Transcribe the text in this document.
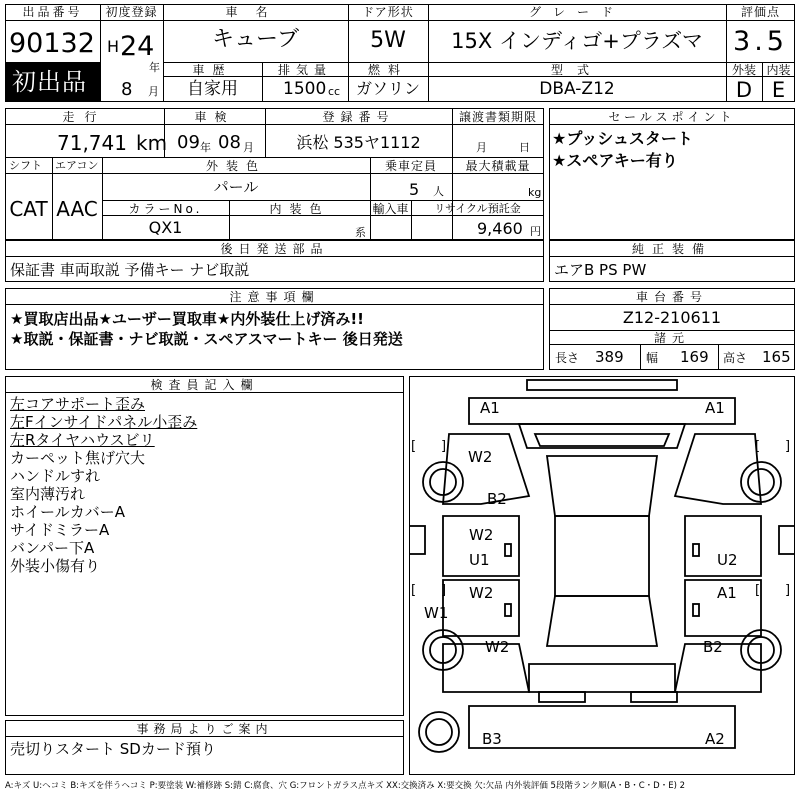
出品番号
90132
初出品
初度登録
H 24
年
8 月
車名
キューブ
ドア形状
5W
グレード
15X インディゴ+プラズマ
評価点
3.5
外装 内装
D E
車歴
自家用
排気量
1500 cc
燃料
ガソリン
型式
DBA-Z12
走行
71,741 km
車検
09 年 08 月
登録番号
浜松 535ヤ1112
譲渡書類期限
月	日
シフト エアコン
CAT AAC
外装色
パール
乗車定員
5 人
最大積載量
kg
カラーNo.
QX1
内装色
系
輸入車	リサイクル預託金
9,460 円
セールスポイント
★プッシュスタート
★スペアキー有り
後日発送部品
保証書 車両取説 予備キー ナビ取説
純正装備
エアB PS PW
注意事項欄
★買取店出品★ユーザー買取車★内外装仕上げ済み!!
★取説・保証書・ナビ取説・スペアスマートキー 後日発送
車台番号
Z12-210611
諸元
長さ 389 幅 169 高さ 165
検査員記入欄
左コアサポート歪み
左Fインサイドパネル小歪み
左Rタイヤハウスビリ
カーペット焦げ穴大
ハンドルすれ
室内薄汚れ
ホイールカバーA
サイドミラーA
バンパー下A
外装小傷有り
事務局よりご案内
売切りスタート SDカード預り
[ ]	[ ]
[ ]	[ ]
A1	A1
W2
B2
W2
U1	U2
W2	A1
W1
W2	B2
B3	A2
A:キズ U:ヘコミ B:キズを伴うヘコミ P:要塗装 W:補修跡 S:錆 C:腐食、穴 G:フロントガラス点キズ XX:交換済み X:要交換 欠:欠品 内外装評価 5段階ランク順(A・B・C・D・E) 2
